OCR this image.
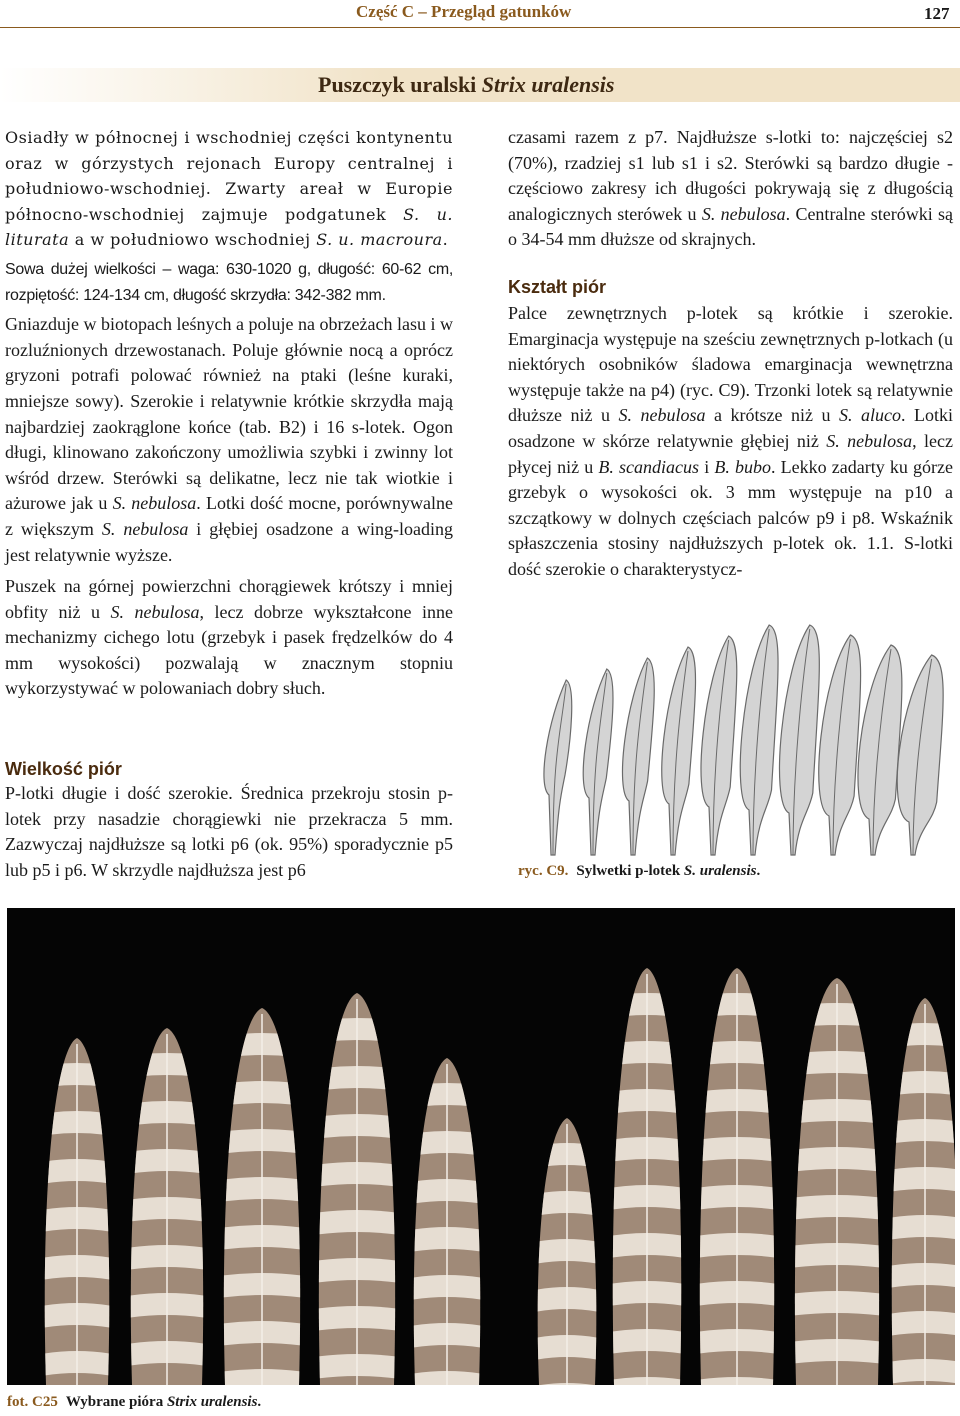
Część C – Przegląd gatunków	127
Puszczyk uralski Strix uralensis

Osiadły w północnej i wschodniej części kontynentu oraz w górzystych rejonach Europy centralnej i południowo-wschodniej. Zwarty areał w Europie północno-wschodniej zajmuje podgatunek S. u. liturata a w południowo wschodniej S. u. macroura.

Sowa dużej wielkości – waga: 630-1020 g, długość: 60-62 cm, rozpiętość: 124-134 cm, długość skrzydła: 342-382 mm.

Gniazduje w biotopach leśnych a poluje na obrzeżach lasu i w rozluźnionych drzewostanach. Poluje głównie nocą a oprócz gryzoni potrafi polować również na ptaki (leśne kuraki, mniejsze sowy). Szerokie i relatywnie krótkie skrzydła mają najbardziej zaokrąglone końce (tab. B2) i 16 s-lotek. Ogon długi, klinowano zakończony umożliwia szybki i zwinny lot wśród drzew. Sterówki są delikatne, lecz nie tak wiotkie i ażurowe jak u S. nebulosa. Lotki dość mocne, porównywalne z większym S. nebulosa i głębiej osadzone a wing-loading jest relatywnie wyższe.

Puszek na górnej powierzchni chorągiewek krótszy i mniej obfity niż u S. nebulosa, lecz dobrze wykształcone inne mechanizmy cichego lotu (grzebyk i pasek frędzelków do 4 mm wysokości) pozwalają w znacznym stopniu wykorzystywać w polowaniach dobry słuch.

Wielkość piór
P-lotki długie i dość szerokie. Średnica przekroju stosin p-lotek przy nasadzie chorągiewki nie przekracza 5 mm. Zazwyczaj najdłuższe są lotki p6 (ok. 95%) sporadycznie p5 lub p5 i p6. W skrzydle najdłuższa jest p6

czasami razem z p7. Najdłuższe s-lotki to: najczęściej s2 (70%), rzadziej s1 lub s1 i s2. Sterówki są bardzo długie - częściowo zakresy ich długości pokrywają się z długością analogicznych sterówek u S. nebulosa. Centralne sterówki są o 34-54 mm dłuższe od skrajnych.

Kształt piór
Palce zewnętrznych p-lotek są krótkie i szerokie. Emarginacja występuje na sześciu zewnętrznych p-lotkach (u niektórych osobników śladowa emarginacja wewnętrzna występuje także na p4) (ryc. C9). Trzonki lotek są relatywnie dłuższe niż u S. nebulosa a krótsze niż u S. aluco. Lotki osadzone w skórze relatywnie głębiej niż S. nebulosa, lecz płycej niż u B. scandiacus i B. bubo. Lekko zadarty ku górze grzebyk o wysokości ok. 3 mm występuje na p10 a szczątkowy w dolnych częściach palców p9 i p8. Wskaźnik spłaszczenia stosiny najdłuższych p-lotek ok. 1.1. S-lotki dość szerokie o charakterystycz-
ryc. C9. Sylwetki p-lotek S. uralensis.
fot. C25 Wybrane pióra Strix uralensis.
